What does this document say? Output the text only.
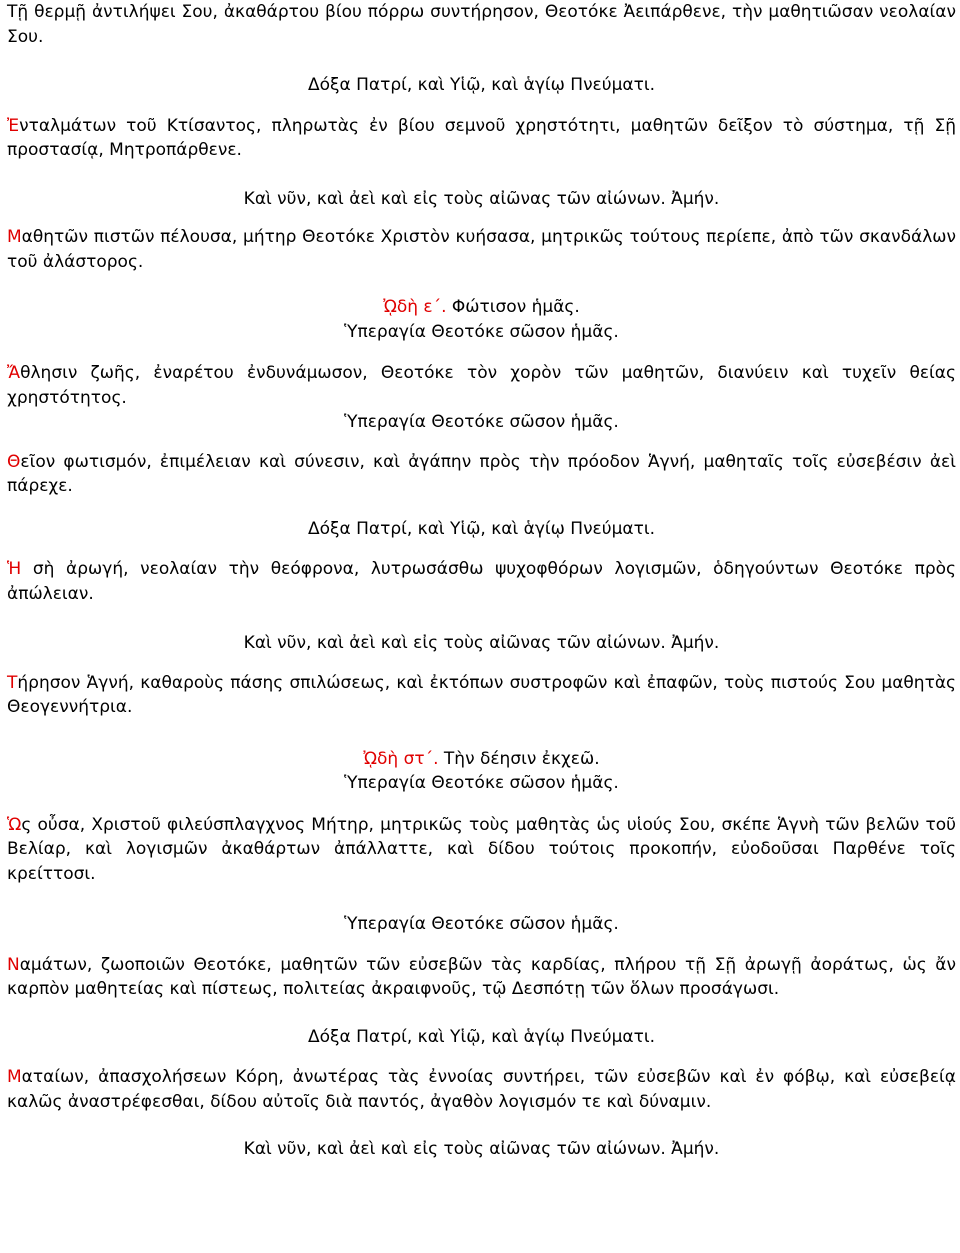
Τῇ θερμῇ ἀντιλήψει Σου, ἀκαθάρτου βίου πόρρω συντήρησον, Θεοτόκε Ἀειπάρθενε, τὴν μαθητιῶσαν νεολαίαν Σου.

Δόξα Πατρί, καὶ Υἱῷ, καὶ ἁγίῳ Πνεύματι.

Ἐνταλμάτων τοῦ Κτίσαντος, πληρωτὰς ἐν βίου σεμνοῦ χρηστότητι, μαθητῶν δεῖξον τὸ σύστημα, τῇ Σῇ προστασίᾳ, Μητροπάρθενε.

Καὶ νῦν, καὶ ἀεὶ καὶ εἰς τοὺς αἰῶνας τῶν αἰώνων. Ἀμήν.

Μαθητῶν πιστῶν πέλουσα, μήτηρ Θεοτόκε Χριστὸν κυήσασα, μητρικῶς τούτους περίεπε, ἀπὸ τῶν σκανδάλων τοῦ ἀλάστορος.

ᾨδὴ ε΄. Φώτισον ἡμᾶς.

Ὑπεραγία Θεοτόκε σῶσον ἡμᾶς.

Ἄθλησιν ζωῆς, ἐναρέτου ἐνδυνάμωσον, Θεοτόκε τὸν χορὸν τῶν μαθητῶν, διανύειν καὶ τυχεῖν θείας χρηστότητος.

Ὑπεραγία Θεοτόκε σῶσον ἡμᾶς.

Θεῖον φωτισμόν, ἐπιμέλειαν καὶ σύνεσιν, καὶ ἀγάπην πρὸς τὴν πρόοδον Ἁγνή, μαθηταῖς τοῖς εὐσεβέσιν ἀεὶ πάρεχε.

Δόξα Πατρί, καὶ Υἱῷ, καὶ ἁγίῳ Πνεύματι.

Ἡ σὴ ἀρωγή, νεολαίαν τὴν θεόφρονα, λυτρωσάσθω ψυχοφθόρων λογισμῶν, ὁδηγούντων Θεοτόκε πρὸς ἀπώλειαν.

Καὶ νῦν, καὶ ἀεὶ καὶ εἰς τοὺς αἰῶνας τῶν αἰώνων. Ἀμήν.

Τήρησον Ἁγνή, καθαροὺς πάσης σπιλώσεως, καὶ ἐκτόπων συστροφῶν καὶ ἐπαφῶν, τοὺς πιστούς Σου μαθητὰς Θεογεννήτρια.

ᾨδὴ στ΄. Τὴν δέησιν ἐκχεῶ.

Ὑπεραγία Θεοτόκε σῶσον ἡμᾶς.

Ὡς οὖσα, Χριστοῦ φιλεύσπλαγχνος Μήτηρ, μητρικῶς τοὺς μαθητὰς ὡς υἱούς Σου, σκέπε Ἁγνὴ τῶν βελῶν τοῦ Βελίαρ, καὶ λογισμῶν ἀκαθάρτων ἀπάλλαττε, καὶ δίδου τούτοις προκοπήν, εὐοδοῦσαι Παρθένε τοῖς κρείττοσι.

Ὑπεραγία Θεοτόκε σῶσον ἡμᾶς.

Ναμάτων, ζωοποιῶν Θεοτόκε, μαθητῶν τῶν εὐσεβῶν τὰς καρδίας, πλήρου τῇ Σῇ ἀρωγῇ ἀοράτως, ὡς ἄν καρπὸν μαθητείας καὶ πίστεως, πολιτείας ἀκραιφνοῦς, τῷ Δεσπότῃ τῶν ὅλων προσάγωσι.

Δόξα Πατρί, καὶ Υἱῷ, καὶ ἁγίῳ Πνεύματι.

Ματαίων, ἀπασχολήσεων Κόρη, ἀνωτέρας τὰς ἐννοίας συντήρει, τῶν εὐσεβῶν καὶ ἐν φόβῳ, καὶ εὐσεβείᾳ καλῶς ἀναστρέφεσθαι, δίδου αὐτοῖς διὰ παντός, ἀγαθὸν λογισμόν τε καὶ δύναμιν.

Καὶ νῦν, καὶ ἀεὶ καὶ εἰς τοὺς αἰῶνας τῶν αἰώνων. Ἀμήν.
